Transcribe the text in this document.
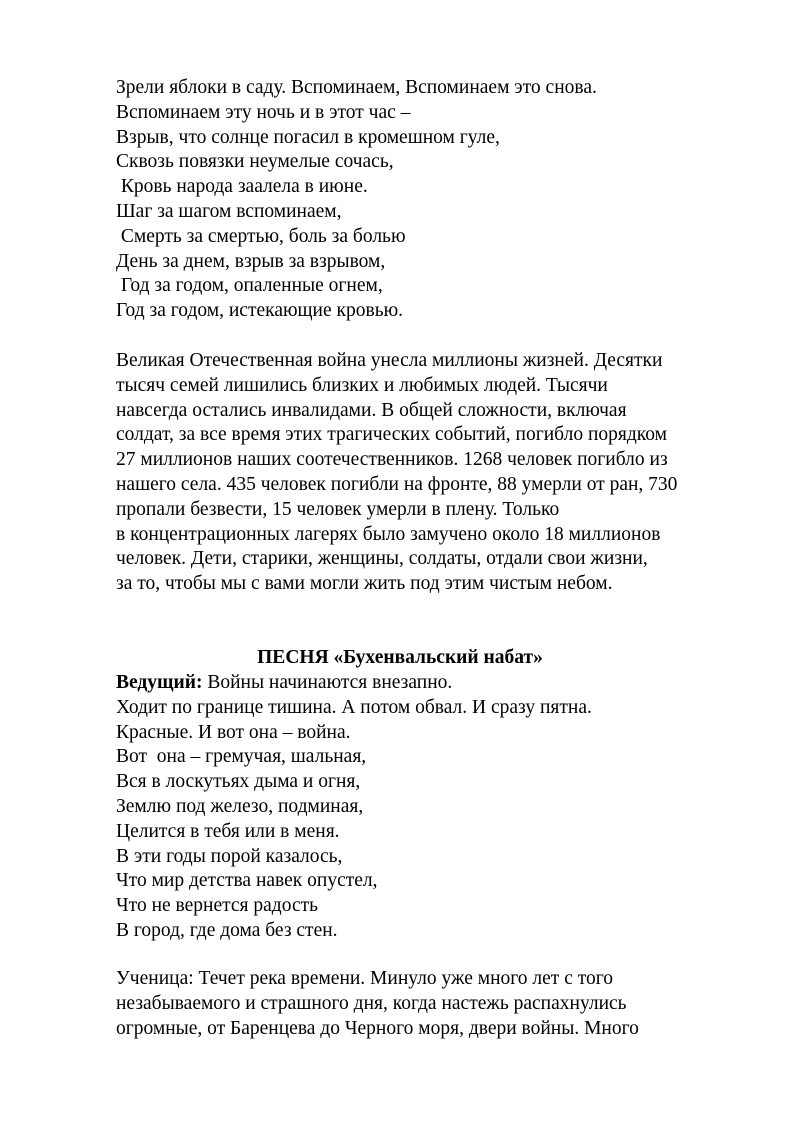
Зрели яблоки в саду. Вспоминаем, Вспоминаем это снова.
Вспоминаем эту ночь и в этот час –
Взрыв, что солнце погасил в кромешном гуле,
Сквозь повязки неумелые сочась,
Кровь народа заалела в июне.
Шаг за шагом вспоминаем,
Смерть за смертью, боль за болью
День за днем, взрыв за взрывом,
Год за годом, опаленные огнем,
Год за годом, истекающие кровью.
Великая Отечественная война унесла миллионы жизней. Десятки
тысяч семей лишились близких и любимых людей. Тысячи
навсегда остались инвалидами. В общей сложности, включая
солдат, за все время этих трагических событий, погибло порядком
27 миллионов наших соотечественников. 1268 человек погибло из
нашего села. 435 человек погибли на фронте, 88 умерли от ран, 730
пропали безвести, 15 человек умерли в плену. Только
в концентрационных лагерях было замучено около 18 миллионов
человек. Дети, старики, женщины, солдаты, отдали свои жизни,
за то, чтобы мы с вами могли жить под этим чистым небом.
ПЕСНЯ «Бухенвальский набат»
Ведущий: Войны начинаются внезапно.
Ходит по границе тишина. А потом обвал. И сразу пятна.
Красные. И вот она – война.
Вот  она – гремучая, шальная,
Вся в лоскутьях дыма и огня,
Землю под железо, подминая,
Целится в тебя или в меня.
В эти годы порой казалось,
Что мир детства навек опустел,
Что не вернется радость
В город, где дома без стен.
Ученица: Течет река времени. Минуло уже много лет с того
незабываемого и страшного дня, когда настежь распахнулись
огромные, от Баренцева до Черного моря, двери войны. Много
